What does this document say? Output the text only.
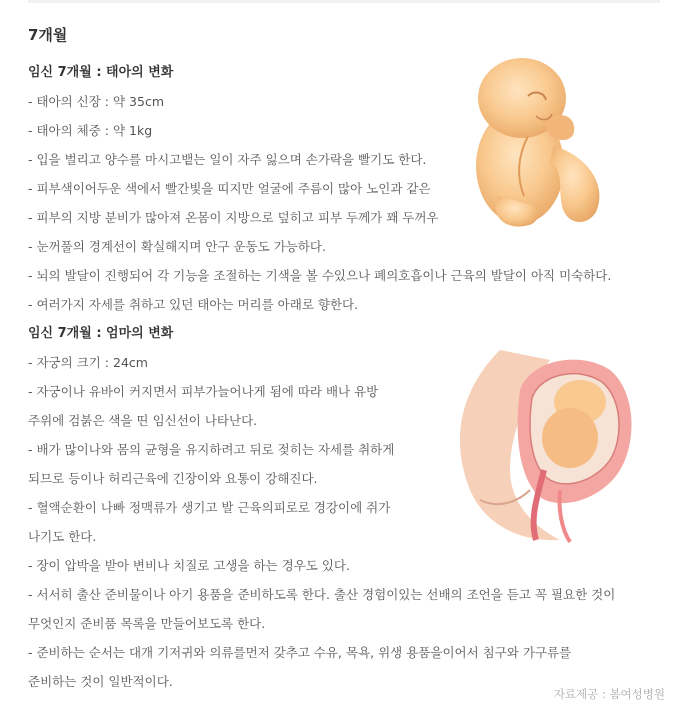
7개월
임신 7개월 : 태아의 변화
- 태아의 신장 : 약 35cm
- 태아의 체중 : 약 1kg
- 입을 벌리고 양수를 마시고뱉는 일이 자주 잃으며 손가락을 빨기도 한다.
- 피부색이어두운 색에서 빨간빛을 띠지만 얼굴에 주름이 많아 노인과 같은
- 피부의 지방 분비가 많아져 온몸이 지방으로 덮히고 피부 두께가 꽤 두꺼우
- 눈꺼풀의 경계선이 확실해지며 안구 운동도 가능하다.
- 뇌의 발달이 진행되어 각 기능을 조절하는 기색을 볼 수있으나 폐의호흡이나 근육의 발달이 아직 미숙하다.
- 여러가지 자세를 취하고 있던 태아는 머리를 아래로 향한다.
임신 7개월 : 엄마의 변화
- 자궁의 크기 : 24cm
- 자궁이나 유바이 커지면서 피부가늘어나게 됨에 따라 배나 유방
주위에 검붉은 색을 띤 임신선이 나타난다.
- 배가 많이나와 몸의 균형을 유지하려고 뒤로 젖히는 자세를 취하게
되므로 등이나 허리근육에 긴장이와 요통이 강해진다.
- 혈액순환이 나빠 정맥류가 생기고 발 근육의피로로 경강이에 쥐가
나기도 한다.
- 장이 압박을 받아 변비나 치질로 고생을 하는 경우도 있다.
- 서서히 출산 준비물이나 아기 용품을 준비하도록 한다. 출산 경험이있는 선배의 조언을 듣고 꼭 필요한 것이
무엇인지 준비품 목록을 만들어보도록 한다.
- 준비하는 순서는 대개 기저귀와 의류를먼저 갖추고 수유, 목욕, 위생 용품을이어서 침구와 가구류를
준비하는 것이 일반적이다.
자료제공 : 봄여성병원
